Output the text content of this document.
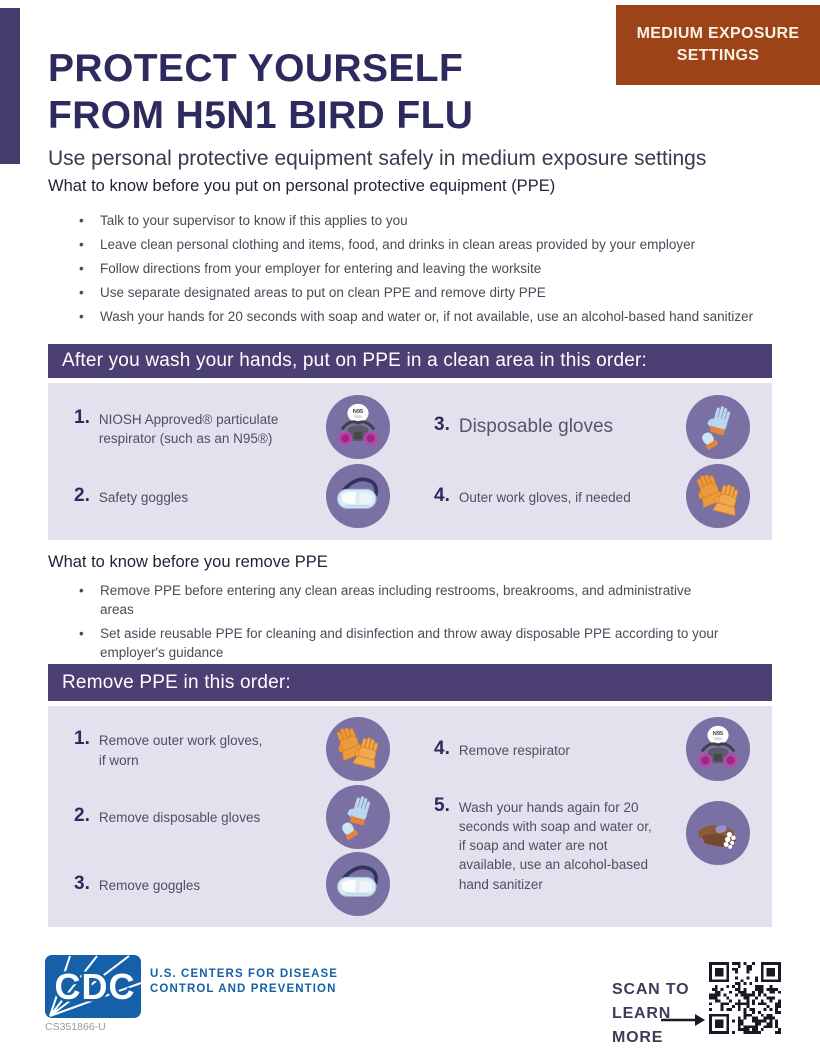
MEDIUM EXPOSURE SETTINGS
PROTECT YOURSELF
FROM H5N1 BIRD FLU

Use personal protective equipment safely in medium exposure settings

What to know before you put on personal protective equipment (PPE)

• Talk to your supervisor to know if this applies to you
• Leave clean personal clothing and items, food, and drinks in clean areas provided by your employer
• Follow directions from your employer for entering and leaving the worksite
• Use separate designated areas to put on clean PPE and remove dirty PPE
• Wash your hands for 20 seconds with soap and water or, if not available, use an alcohol-based hand sanitizer
After you wash your hands, put on PPE in a clean area in this order:
1. NIOSH Approved® particulate respirator (such as an N95®)
3. Disposable gloves
2. Safety goggles	4. Outer work gloves, if needed

What to know before you remove PPE

• Remove PPE before entering any clean areas including restrooms, breakrooms, and administrative areas
• Set aside reusable PPE for cleaning and disinfection and throw away disposable PPE according to your employer's guidance
Remove PPE in this order:
1. Remove outer work gloves, if worn
2. Remove disposable gloves
3. Remove goggles
4. Remove respirator
5. Wash your hands again for 20 seconds with soap and water or, if soap and water are not available, use an alcohol-based hand sanitizer
CDC U.S. CENTERS FOR DISEASE
CONTROL AND PREVENTION
CS351866-U
SCAN TO
LEARN
MORE
